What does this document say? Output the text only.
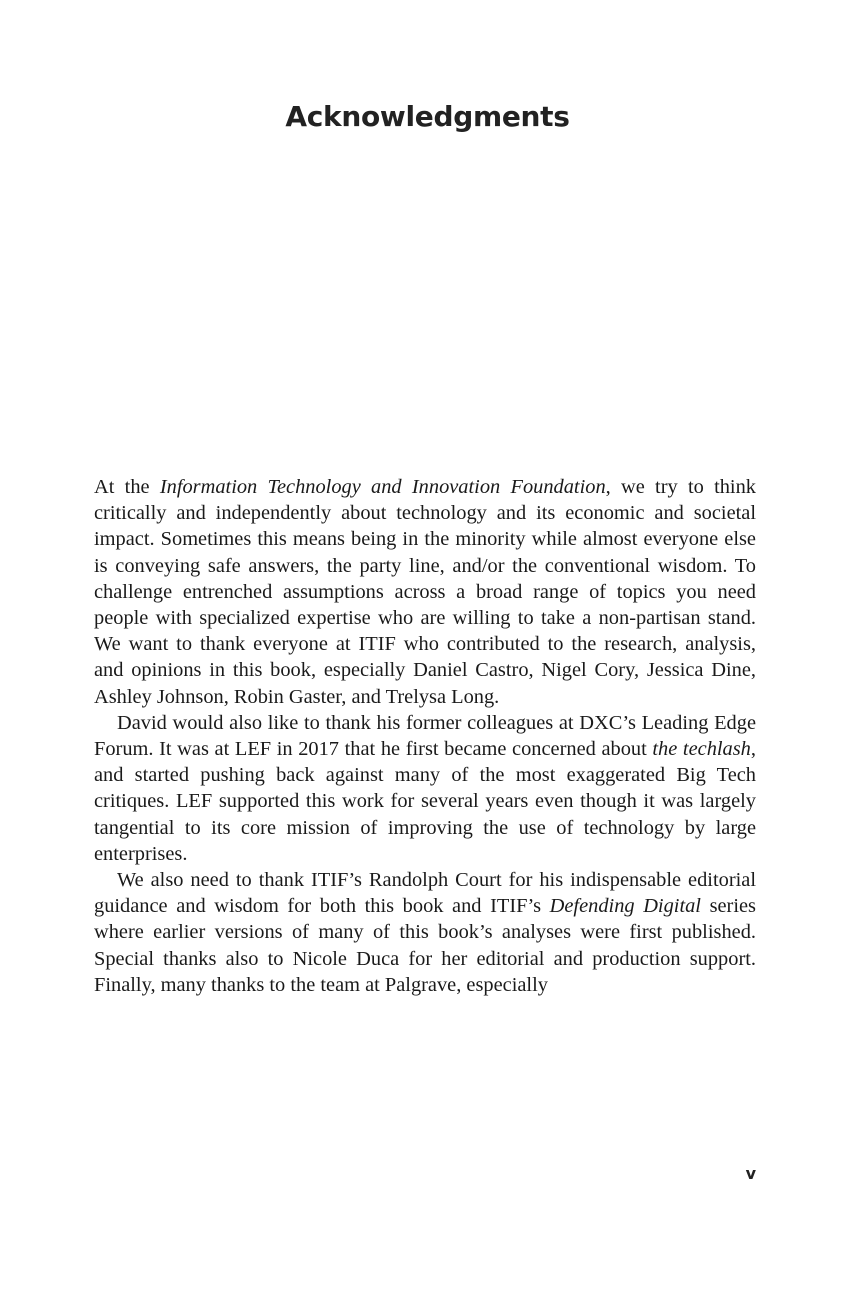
Acknowledgments

At the Information Technology and Innovation Foundation, we try to think critically and independently about technology and its economic and societal impact. Sometimes this means being in the minority while almost everyone else is conveying safe answers, the party line, and/or the conventional wisdom. To challenge entrenched assumptions across a broad range of topics you need people with specialized expertise who are willing to take a non-partisan stand. We want to thank everyone at ITIF who contributed to the research, analysis, and opinions in this book, especially Daniel Castro, Nigel Cory, Jessica Dine, Ashley Johnson, Robin Gaster, and Trelysa Long.

David would also like to thank his former colleagues at DXC’s Leading Edge Forum. It was at LEF in 2017 that he first became concerned about the techlash, and started pushing back against many of the most exaggerated Big Tech critiques. LEF supported this work for several years even though it was largely tangential to its core mission of improving the use of technology by large enterprises.

We also need to thank ITIF’s Randolph Court for his indispensable editorial guidance and wisdom for both this book and ITIF’s Defending Digital series where earlier versions of many of this book’s analyses were first published. Special thanks also to Nicole Duca for her editorial and production support. Finally, many thanks to the team at Palgrave, especially

v
